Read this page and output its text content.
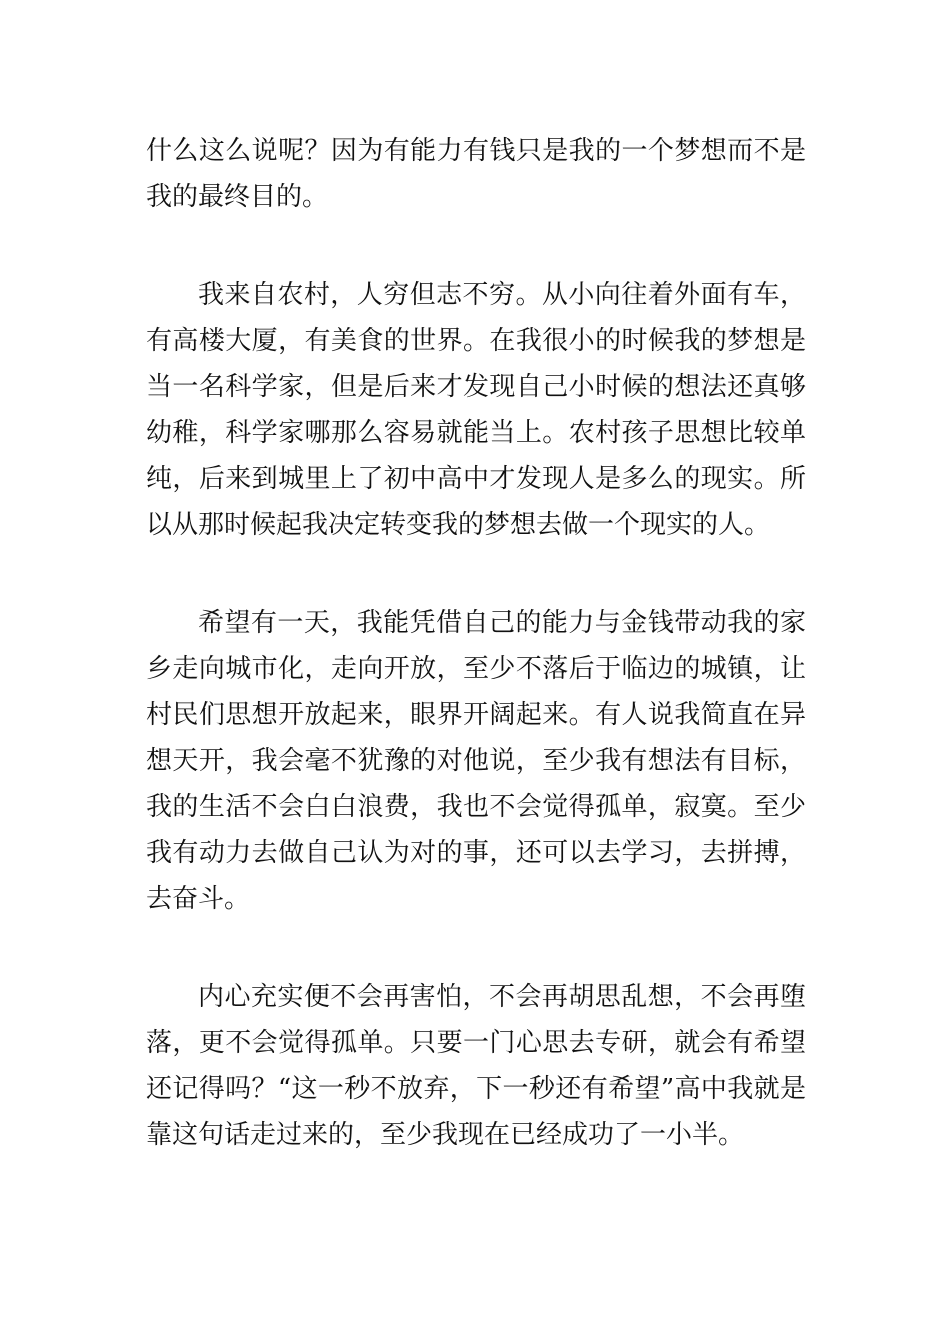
什么这么说呢？因为有能力有钱只是我的一个梦想而不是我的最终目的。

我来自农村，人穷但志不穷。从小向往着外面有车，有高楼大厦，有美食的世界。在我很小的时候我的梦想是当一名科学家，但是后来才发现自己小时候的想法还真够幼稚，科学家哪那么容易就能当上。农村孩子思想比较单纯，后来到城里上了初中高中才发现人是多么的现实。所以从那时候起我决定转变我的梦想去做一个现实的人。

希望有一天，我能凭借自己的能力与金钱带动我的家乡走向城市化，走向开放，至少不落后于临边的城镇，让村民们思想开放起来，眼界开阔起来。有人说我简直在异想天开，我会毫不犹豫的对他说，至少我有想法有目标，我的生活不会白白浪费，我也不会觉得孤单，寂寞。至少我有动力去做自己认为对的事，还可以去学习，去拼搏，去奋斗。

内心充实便不会再害怕，不会再胡思乱想，不会再堕落，更不会觉得孤单。只要一门心思去专研，就会有希望还记得吗？“这一秒不放弃，下一秒还有希望”高中我就是靠这句话走过来的，至少我现在已经成功了一小半。
